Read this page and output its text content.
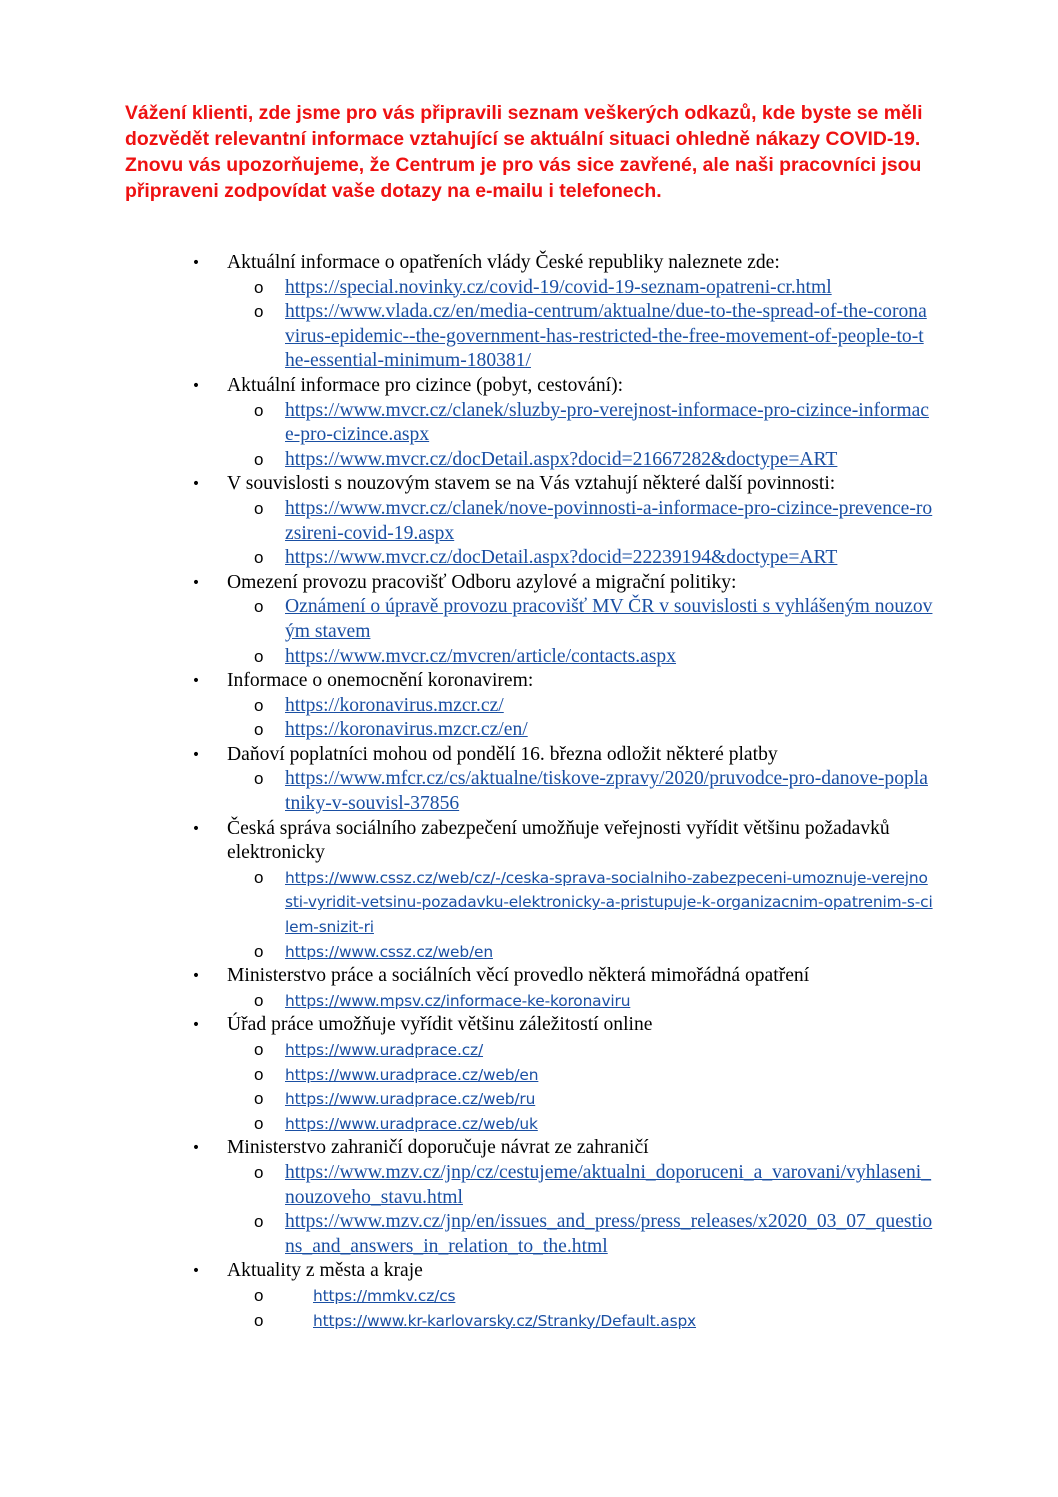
Vážení klienti, zde jsme pro vás připravili seznam veškerých odkazů, kde byste se měli dozvědět relevantní informace vztahující se aktuální situaci ohledně nákazy COVID-19. Znovu vás upozorňujeme, že Centrum je pro vás sice zavřené, ale naši pracovníci jsou připraveni zodpovídat vaše dotazy na e-mailu i telefonech.

• Aktuální informace o opatřeních vlády České republiky naleznete zde:
o https://special.novinky.cz/covid-19/covid-19-seznam-opatreni-cr.html
o https://www.vlada.cz/en/media-centrum/aktualne/due-to-the-spread-of-the-coronavirus-epidemic--the-government-has-restricted-the-free-movement-of-people-to-the-essential-minimum-180381/
• Aktuální informace pro cizince (pobyt, cestování):
o https://www.mvcr.cz/clanek/sluzby-pro-verejnost-informace-pro-cizince-informace-pro-cizince.aspx
o https://www.mvcr.cz/docDetail.aspx?docid=21667282&doctype=ART
• V souvislosti s nouzovým stavem se na Vás vztahují některé další povinnosti:
o https://www.mvcr.cz/clanek/nove-povinnosti-a-informace-pro-cizince-prevence-rozsireni-covid-19.aspx
o https://www.mvcr.cz/docDetail.aspx?docid=22239194&doctype=ART
• Omezení provozu pracovišť Odboru azylové a migrační politiky:
o Oznámení o úpravě provozu pracovišť MV ČR v souvislosti s vyhlášeným nouzovým stavem
o https://www.mvcr.cz/mvcren/article/contacts.aspx
• Informace o onemocnění koronavirem:
o https://koronavirus.mzcr.cz/
o https://koronavirus.mzcr.cz/en/
• Daňoví poplatníci mohou od pondělí 16. března odložit některé platby
o https://www.mfcr.cz/cs/aktualne/tiskove-zpravy/2020/pruvodce-pro-danove-poplatniky-v-souvisl-37856
• Česká správa sociálního zabezpečení umožňuje veřejnosti vyřídit většinu požadavků elektronicky
o https://www.cssz.cz/web/cz/-/ceska-sprava-socialniho-zabezpeceni-umoznuje-verejnosti-vyridit-vetsinu-pozadavku-elektronicky-a-pristupuje-k-organizacnim-opatrenim-s-cilem-snizit-ri
o https://www.cssz.cz/web/en
• Ministerstvo práce a sociálních věcí provedlo některá mimořádná opatření
o https://www.mpsv.cz/informace-ke-koronaviru
• Úřad práce umožňuje vyřídit většinu záležitostí online
o https://www.uradprace.cz/
o https://www.uradprace.cz/web/en
o https://www.uradprace.cz/web/ru
o https://www.uradprace.cz/web/uk
• Ministerstvo zahraničí doporučuje návrat ze zahraničí
o https://www.mzv.cz/jnp/cz/cestujeme/aktualni_doporuceni_a_varovani/vyhlaseni_nouzoveho_stavu.html
o https://www.mzv.cz/jnp/en/issues_and_press/press_releases/x2020_03_07_questions_and_answers_in_relation_to_the.html
• Aktuality z města a kraje
o	https://mmkv.cz/cs
o	https://www.kr-karlovarsky.cz/Stranky/Default.aspx
